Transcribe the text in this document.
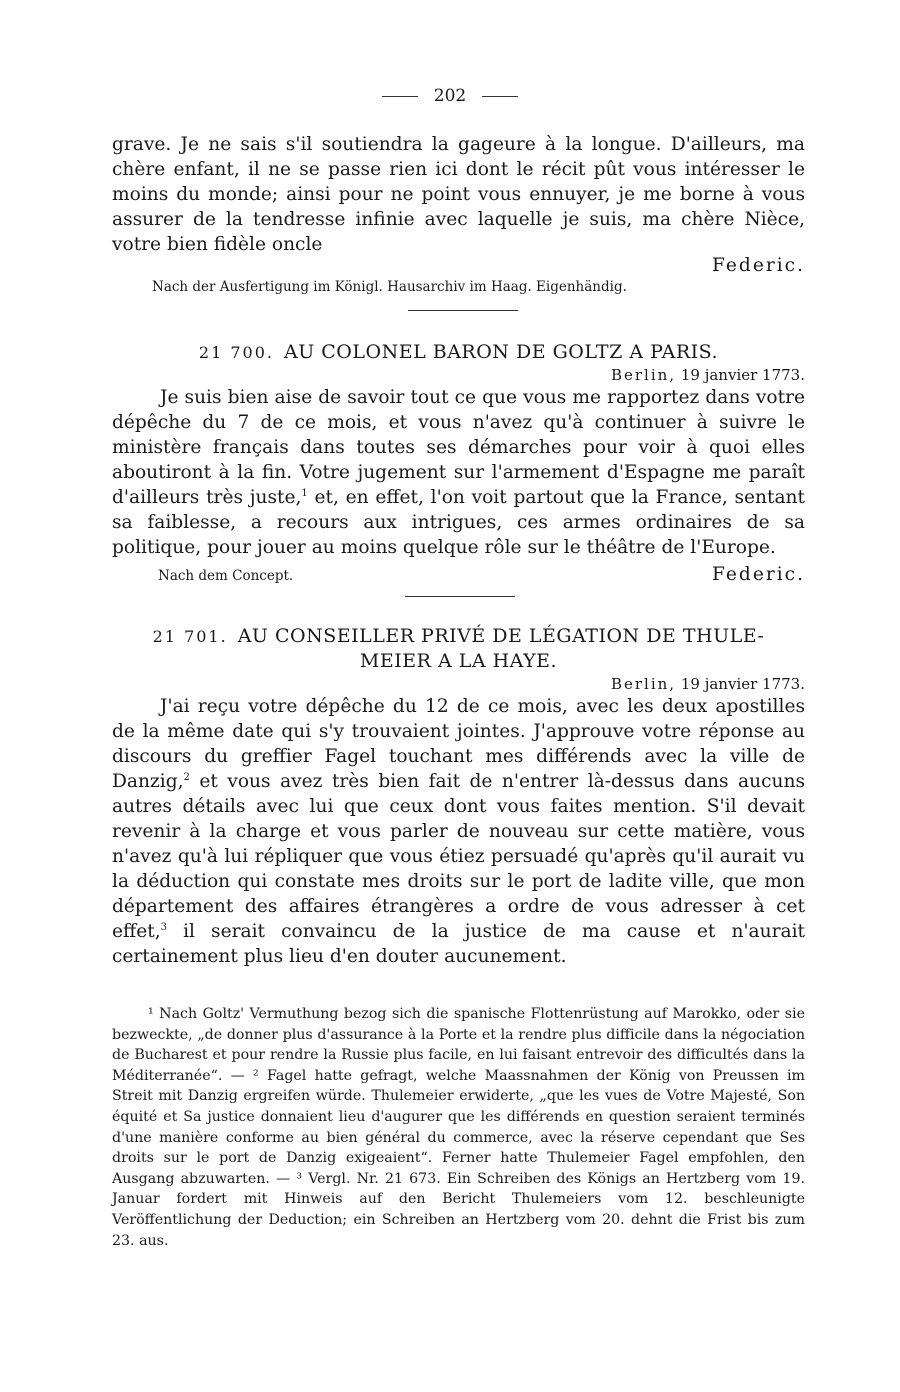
202

grave. Je ne sais s'il soutiendra la gageure à la longue. D'ailleurs, ma chère enfant, il ne se passe rien ici dont le récit pût vous intéresser le moins du monde; ainsi pour ne point vous ennuyer, je me borne à vous assurer de la tendresse infinie avec laquelle je suis, ma chère Nièce, votre bien fidèle oncle

Federic.
Nach der Ausfertigung im Königl. Hausarchiv im Haag. Eigenhändig.
21 700. AU COLONEL BARON DE GOLTZ A PARIS.
Berlin, 19 janvier 1773.

Je suis bien aise de savoir tout ce que vous me rapportez dans votre dépêche du 7 de ce mois, et vous n'avez qu'à continuer à suivre le ministère français dans toutes ses démarches pour voir à quoi elles aboutiront à la fin. Votre jugement sur l'armement d'Espagne me paraît d'ailleurs très juste,$^1$ et, en effet, l'on voit partout que la France, sentant sa faiblesse, a recours aux intrigues, ces armes ordinaires de sa politique, pour jouer au moins quelque rôle sur le théâtre de l'Europe.

Nach dem Concept.	Federic.
21 701. AU CONSEILLER PRIVÉ DE LÉGATION DE THULE-
MEIER A LA HAYE.
Berlin, 19 janvier 1773.

J'ai reçu votre dépêche du 12 de ce mois, avec les deux apostilles de la même date qui s'y trouvaient jointes. J'approuve votre réponse au discours du greffier Fagel touchant mes différends avec la ville de Danzig,$^2$ et vous avez très bien fait de n'entrer là-dessus dans aucuns autres détails avec lui que ceux dont vous faites mention. S'il devait revenir à la charge et vous parler de nouveau sur cette matière, vous n'avez qu'à lui répliquer que vous étiez persuadé qu'après qu'il aurait vu la déduction qui constate mes droits sur le port de ladite ville, que mon département des affaires étrangères a ordre de vous adresser à cet effet,$^3$ il serait convaincu de la justice de ma cause et n'aurait certainement plus lieu d'en douter aucunement.

¹ Nach Goltz' Vermuthung bezog sich die spanische Flottenrüstung auf Marokko, oder sie bezweckte, „de donner plus d'assurance à la Porte et la rendre plus difficile dans la négociation de Bucharest et pour rendre la Russie plus facile, en lui faisant entrevoir des difficultés dans la Méditerranée“. — ² Fagel hatte gefragt, welche Maassnahmen der König von Preussen im Streit mit Danzig ergreifen würde. Thulemeier erwiderte, „que les vues de Votre Majesté, Son équité et Sa justice donnaient lieu d'augurer que les différends en question seraient terminés d'une manière conforme au bien général du commerce, avec la réserve cependant que Ses droits sur le port de Danzig exigeaient“. Ferner hatte Thulemeier Fagel empfohlen, den Ausgang abzuwarten. — ³ Vergl. Nr. 21 673. Ein Schreiben des Königs an Hertzberg vom 19. Januar fordert mit Hinweis auf den Bericht Thulemeiers vom 12. beschleunigte Veröffentlichung der Deduction; ein Schreiben an Hertzberg vom 20. dehnt die Frist bis zum 23. aus.
